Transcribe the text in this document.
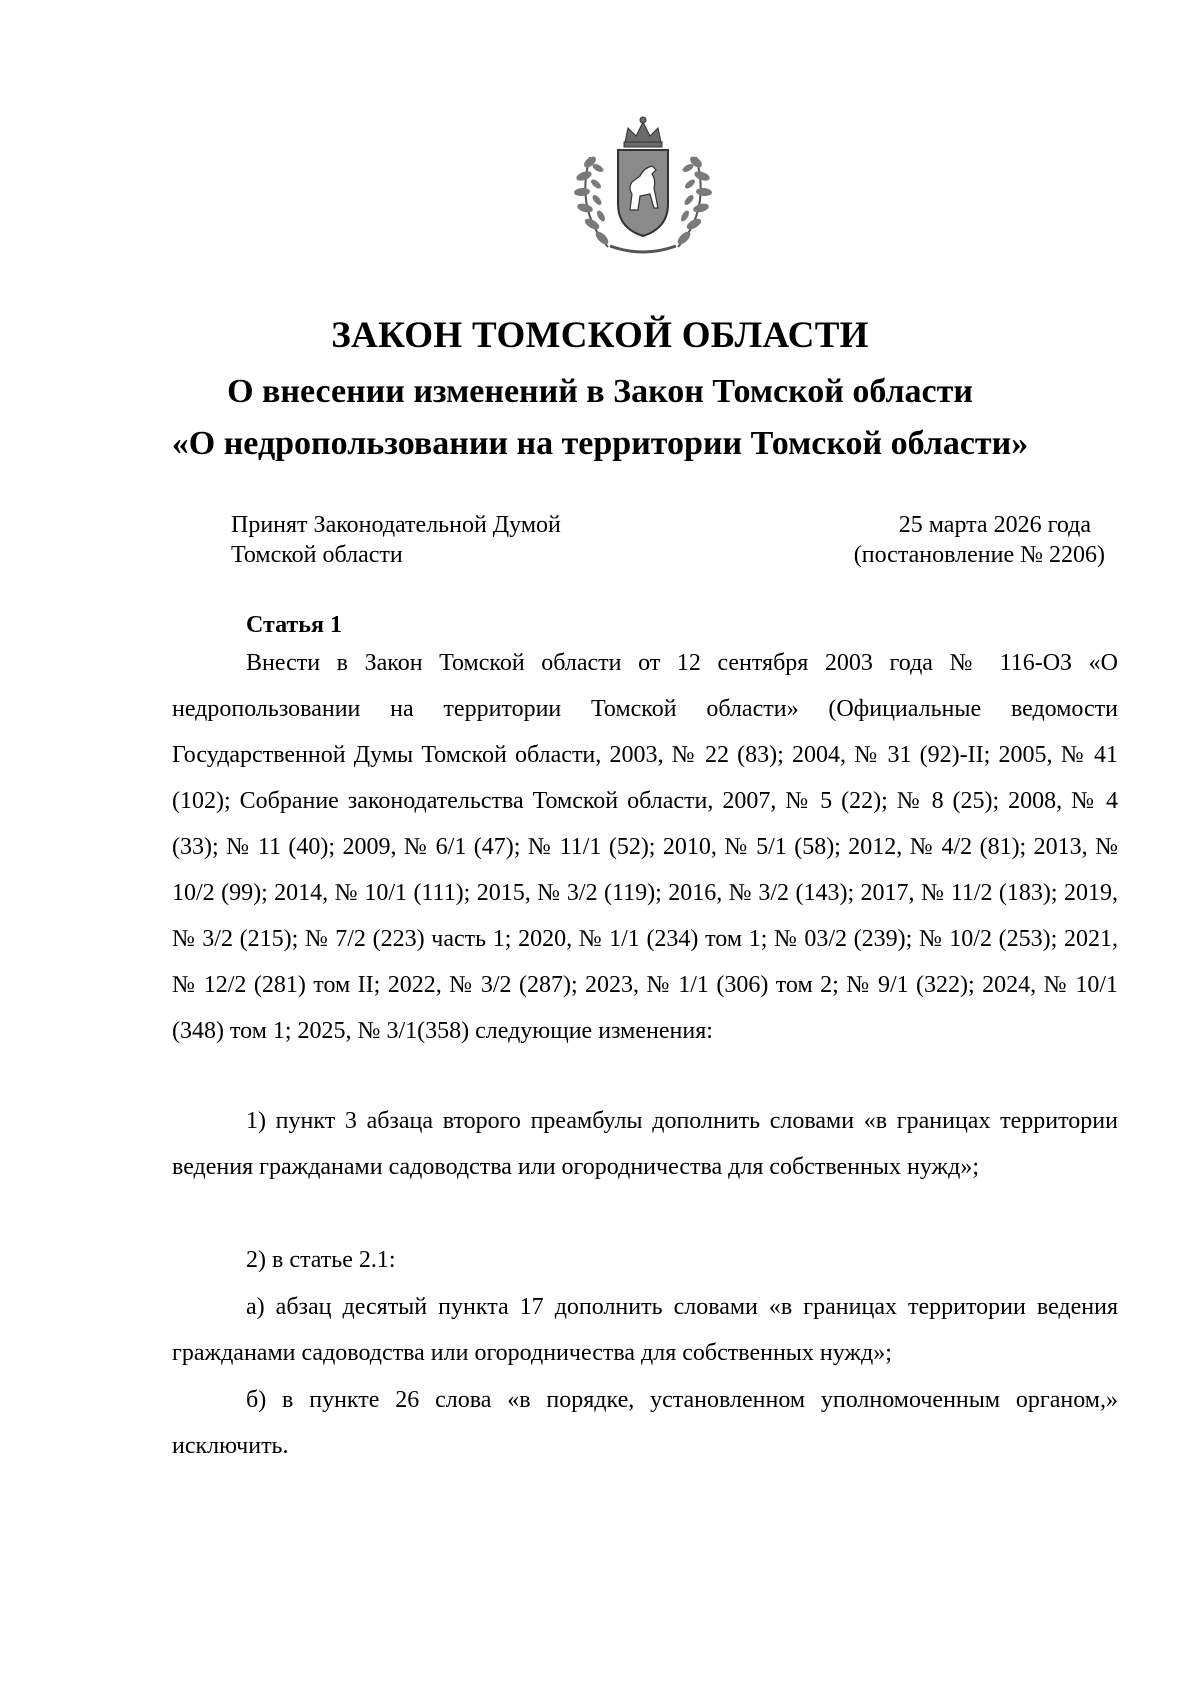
ЗАКОН ТОМСКОЙ ОБЛАСТИ
О внесении изменений в Закон Томской области
«О недропользовании на территории Томской области»
Принят Законодательной Думой
Томской области
25 марта 2026 года
(постановление № 2206)
Статья 1

Внести в Закон Томской области от 12 сентября 2003 года № 116-ОЗ «О недропользовании на территории Томской области» (Официальные ведомости Государственной Думы Томской области, 2003, № 22 (83); 2004, № 31 (92)-II; 2005, № 41 (102); Собрание законодательства Томской области, 2007, № 5 (22); № 8 (25); 2008, № 4 (33); № 11 (40); 2009, № 6/1 (47); № 11/1 (52); 2010, № 5/1 (58); 2012, № 4/2 (81); 2013, № 10/2 (99); 2014, № 10/1 (111); 2015, № 3/2 (119); 2016, № 3/2 (143); 2017, № 11/2 (183); 2019, № 3/2 (215); № 7/2 (223) часть 1; 2020, № 1/1 (234) том 1; № 03/2 (239); № 10/2 (253); 2021, № 12/2 (281) том II; 2022, № 3/2 (287); 2023, № 1/1 (306) том 2; № 9/1 (322); 2024, № 10/1 (348) том 1; 2025, № 3/1(358) следующие изменения:

1) пункт 3 абзаца второго преамбулы дополнить словами «в границах территории ведения гражданами садоводства или огородничества для собственных нужд»;

2) в статье 2.1:

а) абзац десятый пункта 17 дополнить словами «в границах территории ведения гражданами садоводства или огородничества для собственных нужд»;

б) в пункте 26 слова «в порядке, установленном уполномоченным органом,» исключить.
